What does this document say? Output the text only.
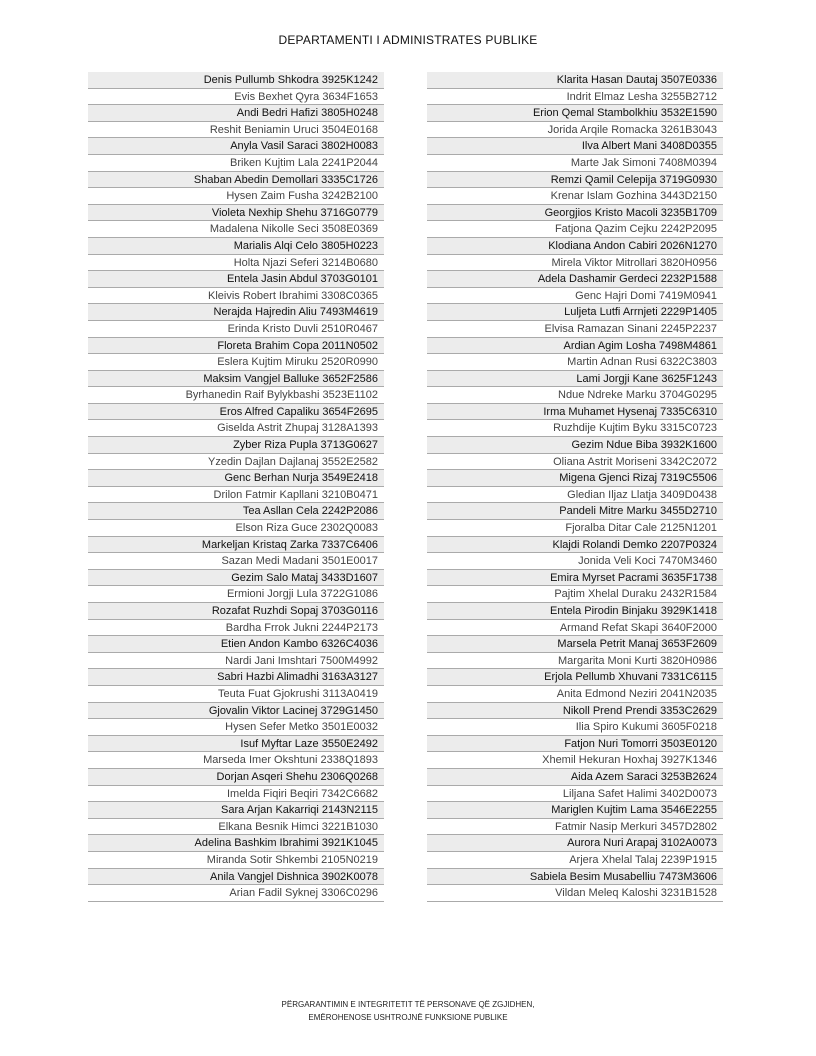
DEPARTAMENTI I ADMINISTRATES PUBLIKE
Denis Pullumb Shkodra 3925K1242
Evis Bexhet Qyra 3634F1653
Andi Bedri Hafizi 3805H0248
Reshit Beniamin Uruci 3504E0168
Anyla Vasil Saraci 3802H0083
Briken Kujtim Lala 2241P2044
Shaban Abedin Demollari 3335C1726
Hysen Zaim Fusha 3242B2100
Violeta Nexhip Shehu 3716G0779
Madalena Nikolle Seci 3508E0369
Marialis Alqi Celo 3805H0223
Holta Njazi Seferi 3214B0680
Entela Jasin Abdul 3703G0101
Kleivis Robert Ibrahimi 3308C0365
Nerajda Hajredin Aliu 7493M4619
Erinda Kristo Duvli 2510R0467
Floreta Brahim Copa 2011N0502
Eslera Kujtim Miruku 2520R0990
Maksim Vangjel Balluke 3652F2586
Byrhanedin Raif Bylykbashi 3523E1102
Eros Alfred Capaliku 3654F2695
Giselda Astrit Zhupaj 3128A1393
Zyber Riza Pupla 3713G0627
Yzedin Dajlan Dajlanaj 3552E2582
Genc Berhan Nurja 3549E2418
Drilon Fatmir Kapllani 3210B0471
Tea Asllan Cela 2242P2086
Elson Riza Guce 2302Q0083
Markeljan Kristaq Zarka 7337C6406
Sazan Medi Madani 3501E0017
Gezim Salo Mataj 3433D1607
Ermioni Jorgji Lula 3722G1086
Rozafat Ruzhdi Sopaj 3703G0116
Bardha Frrok Jukni 2244P2173
Etien Andon Kambo 6326C4036
Nardi Jani Imshtari 7500M4992
Sabri Hazbi Alimadhi 3163A3127
Teuta Fuat Gjokrushi 3113A0419
Gjovalin Viktor Lacinej 3729G1450
Hysen Sefer Metko 3501E0032
Isuf Myftar Laze 3550E2492
Marseda Imer Okshtuni 2338Q1893
Dorjan Asqeri Shehu 2306Q0268
Imelda Fiqiri Beqiri 7342C6682
Sara Arjan Kakarriqi 2143N2115
Elkana Besnik Himci 3221B1030
Adelina Bashkim Ibrahimi 3921K1045
Miranda Sotir Shkembi 2105N0219
Anila Vangjel Dishnica 3902K0078
Arian Fadil Syknej 3306C0296
Klarita Hasan Dautaj 3507E0336
Indrit Elmaz Lesha 3255B2712
Erion Qemal Stambolkhiu 3532E1590
Jorida Arqile Romacka 3261B3043
Ilva Albert Mani 3408D0355
Marte Jak Simoni 7408M0394
Remzi Qamil Celepija 3719G0930
Krenar Islam Gozhina 3443D2150
Georgjios Kristo Macoli 3235B1709
Fatjona Qazim Cejku 2242P2095
Klodiana Andon Cabiri 2026N1270
Mirela Viktor Mitrollari 3820H0956
Adela Dashamir Gerdeci 2232P1588
Genc Hajri Domi 7419M0941
Luljeta Lutfi Arrnjeti 2229P1405
Elvisa Ramazan Sinani 2245P2237
Ardian Agim Losha 7498M4861
Martin Adnan Rusi 6322C3803
Lami Jorgji Kane 3625F1243
Ndue Ndreke Marku 3704G0295
Irma Muhamet Hysenaj 7335C6310
Ruzhdije Kujtim Byku 3315C0723
Gezim Ndue Biba 3932K1600
Oliana Astrit Moriseni 3342C2072
Migena Gjenci Rizaj 7319C5506
Gledian Iljaz Llatja 3409D0438
Pandeli Mitre Marku 3455D2710
Fjoralba Ditar Cale 2125N1201
Klajdi Rolandi Demko 2207P0324
Jonida Veli Koci 7470M3460
Emira Myrset Pacrami 3635F1738
Pajtim Xhelal Duraku 2432R1584
Entela Pirodin Binjaku 3929K1418
Armand Refat Skapi 3640F2000
Marsela Petrit Manaj 3653F2609
Margarita Moni Kurti 3820H0986
Erjola Pellumb Xhuvani 7331C6115
Anita Edmond Neziri 2041N2035
Nikoll Prend Prendi 3353C2629
Ilia Spiro Kukumi 3605F0218
Fatjon Nuri Tomorri 3503E0120
Xhemil Hekuran Hoxhaj 3927K1346
Aida Azem Saraci 3253B2624
Liljana Safet Halimi 3402D0073
Mariglen Kujtim Lama 3546E2255
Fatmir Nasip Merkuri 3457D2802
Aurora Nuri Arapaj 3102A0073
Arjera Xhelal Talaj 2239P1915
Sabiela Besim Musabelliu 7473M3606
Vildan Meleq Kaloshi 3231B1528
PËRGARANTIMIN E INTEGRITETIT TË PERSONAVE QË ZGJIDHEN,
EMËROHENOSE USHTROJNË FUNKSIONE PUBLIKE
